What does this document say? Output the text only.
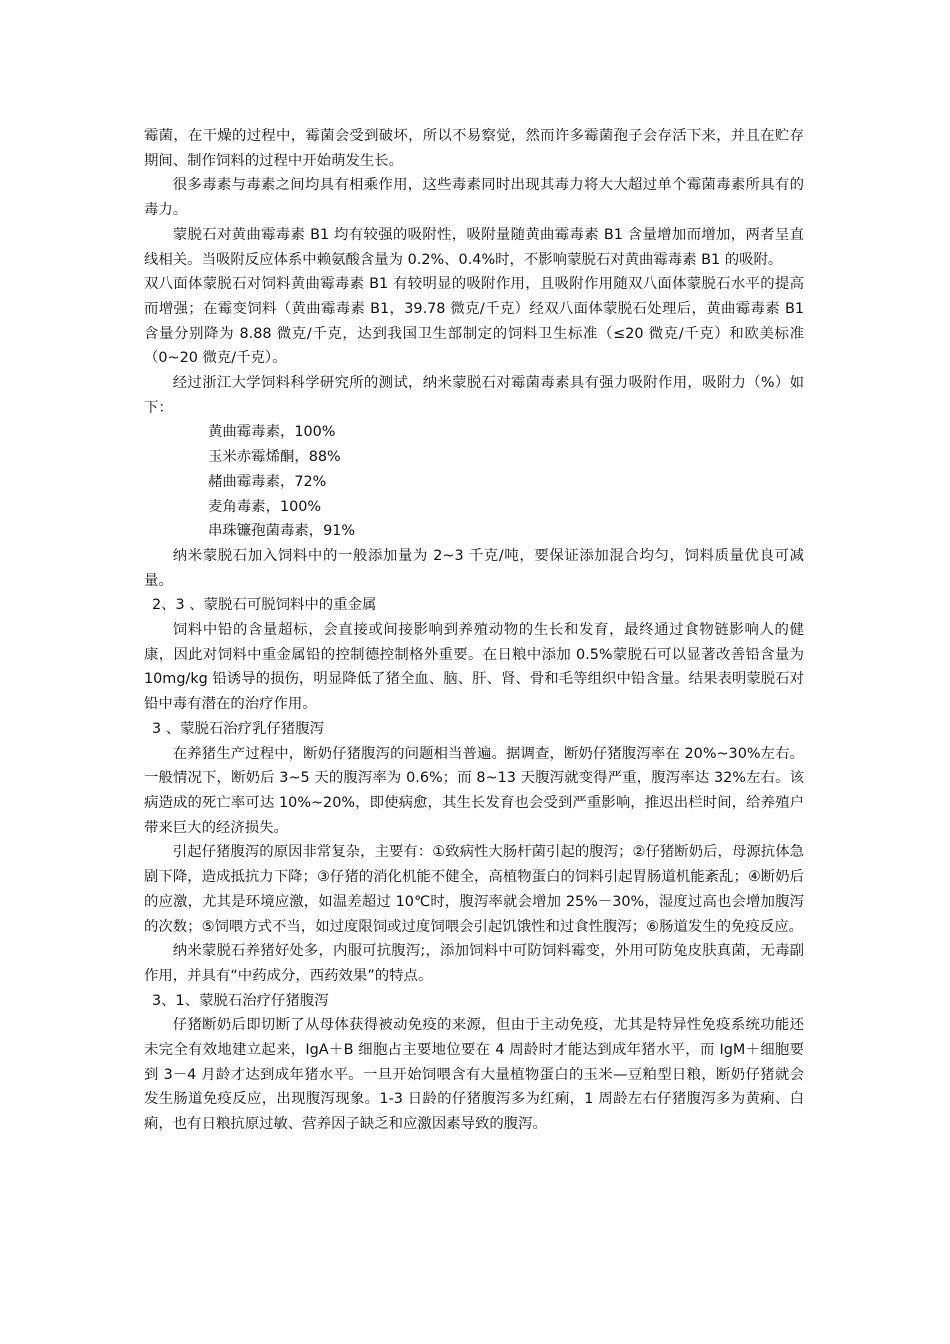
霉菌，在干燥的过程中，霉菌会受到破坏，所以不易察觉，然而许多霉菌孢子会存活下来，并且在贮存期间、制作饲料的过程中开始萌发生长。

很多毒素与毒素之间均具有相乘作用，这些毒素同时出现其毒力将大大超过单个霉菌毒素所具有的毒力。

蒙脱石对黄曲霉毒素 B1 均有较强的吸附性，吸附量随黄曲霉毒素 B1 含量增加而增加，两者呈直线相关。当吸附反应体系中赖氨酸含量为 0.2%、0.4%时，不影响蒙脱石对黄曲霉毒素 B1 的吸附。

双八面体蒙脱石对饲料黄曲霉毒素 B1 有较明显的吸附作用，且吸附作用随双八面体蒙脱石水平的提高而增强；在霉变饲料（黄曲霉毒素 B1，39.78 微克/千克）经双八面体蒙脱石处理后，黄曲霉毒素 B1 含量分别降为 8.88 微克/千克，达到我国卫生部制定的饲料卫生标准（≤20 微克/千克）和欧美标准（0~20 微克/千克）。

经过浙江大学饲料科学研究所的测试，纳米蒙脱石对霉菌毒素具有强力吸附作用，吸附力（%）如下：

黄曲霉毒素，100%

玉米赤霉烯酮，88%

赭曲霉毒素，72%

麦角毒素，100%

串珠镰孢菌毒素，91%

纳米蒙脱石加入饲料中的一般添加量为 2~3 千克/吨，要保证添加混合均匀，饲料质量优良可减量。

2、3 、蒙脱石可脱饲料中的重金属

饲料中铅的含量超标，会直接或间接影响到养殖动物的生长和发育，最终通过食物链影响人的健康，因此对饲料中重金属铅的控制德控制格外重要。在日粮中添加 0.5%蒙脱石可以显著改善铅含量为 10mg/kg 铅诱导的损伤，明显降低了猪全血、脑、肝、肾、骨和毛等组织中铅含量。结果表明蒙脱石对铅中毒有潜在的治疗作用。

3 、蒙脱石治疗乳仔猪腹泻

在养猪生产过程中，断奶仔猪腹泻的问题相当普遍。据调查，断奶仔猪腹泻率在 20%~30%左右。一般情况下，断奶后 3~5 天的腹泻率为 0.6%；而 8~13 天腹泻就变得严重，腹泻率达 32%左右。该病造成的死亡率可达 10%~20%，即使病愈，其生长发育也会受到严重影响，推迟出栏时间，给养殖户带来巨大的经济损失。

引起仔猪腹泻的原因非常复杂，主要有：①致病性大肠杆菌引起的腹泻；②仔猪断奶后，母源抗体急剧下降，造成抵抗力下降；③仔猪的消化机能不健全，高植物蛋白的饲料引起胃肠道机能紊乱；④断奶后的应激，尤其是环境应激，如温差超过 10℃时，腹泻率就会增加 25%－30%，湿度过高也会增加腹泻的次数；⑤饲喂方式不当，如过度限饲或过度饲喂会引起饥饿性和过食性腹泻；⑥肠道发生的免疫反应。

纳米蒙脱石养猪好处多，内服可抗腹泻;，添加饲料中可防饲料霉变，外用可防兔皮肤真菌，无毒副作用，并具有“中药成分，西药效果”的特点。

3、1、蒙脱石治疗仔猪腹泻

仔猪断奶后即切断了从母体获得被动免疫的来源，但由于主动免疫，尤其是特异性免疫系统功能还未完全有效地建立起来，IgA＋B 细胞占主要地位要在 4 周龄时才能达到成年猪水平，而 IgM＋细胞要到 3－4 月龄才达到成年猪水平。一旦开始饲喂含有大量植物蛋白的玉米—豆粕型日粮，断奶仔猪就会发生肠道免疫反应，出现腹泻现象。1-3 日龄的仔猪腹泻多为红痢，1 周龄左右仔猪腹泻多为黄痢、白痢，也有日粮抗原过敏、营养因子缺乏和应激因素导致的腹泻。
